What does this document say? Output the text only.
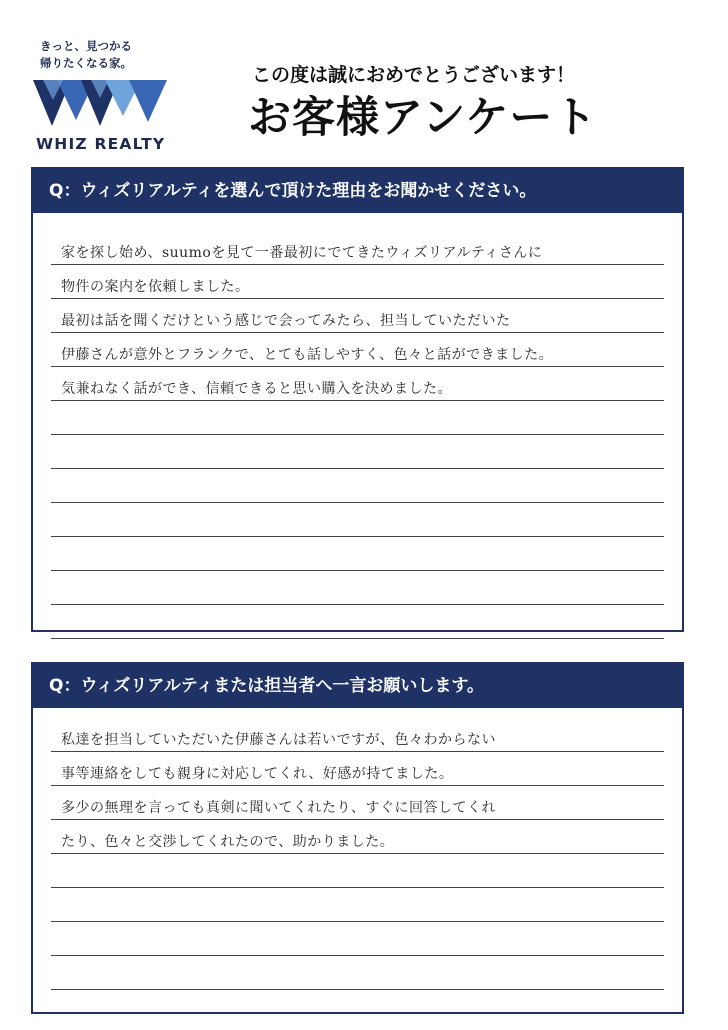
きっと、見つかる
帰りたくなる家。
WHIZ REALTY
この度は誠におめでとうございます！
お客様アンケート
Q：ウィズリアルティを選んで頂けた理由をお聞かせください。
家を探し始め、suumoを見て一番最初にでてきたウィズリアルティさんに
物件の案内を依頼しました。
最初は話を聞くだけという感じで会ってみたら、担当していただいた
伊藤さんが意外とフランクで、とても話しやすく、色々と話ができました。
気兼ねなく話ができ、信頼できると思い購入を決めました。
Q：ウィズリアルティまたは担当者へ一言お願いします。
私達を担当していただいた伊藤さんは若いですが、色々わからない
事等連絡をしても親身に対応してくれ、好感が持てました。
多少の無理を言っても真剣に聞いてくれたり、すぐに回答してくれ
たり、色々と交渉してくれたので、助かりました。
